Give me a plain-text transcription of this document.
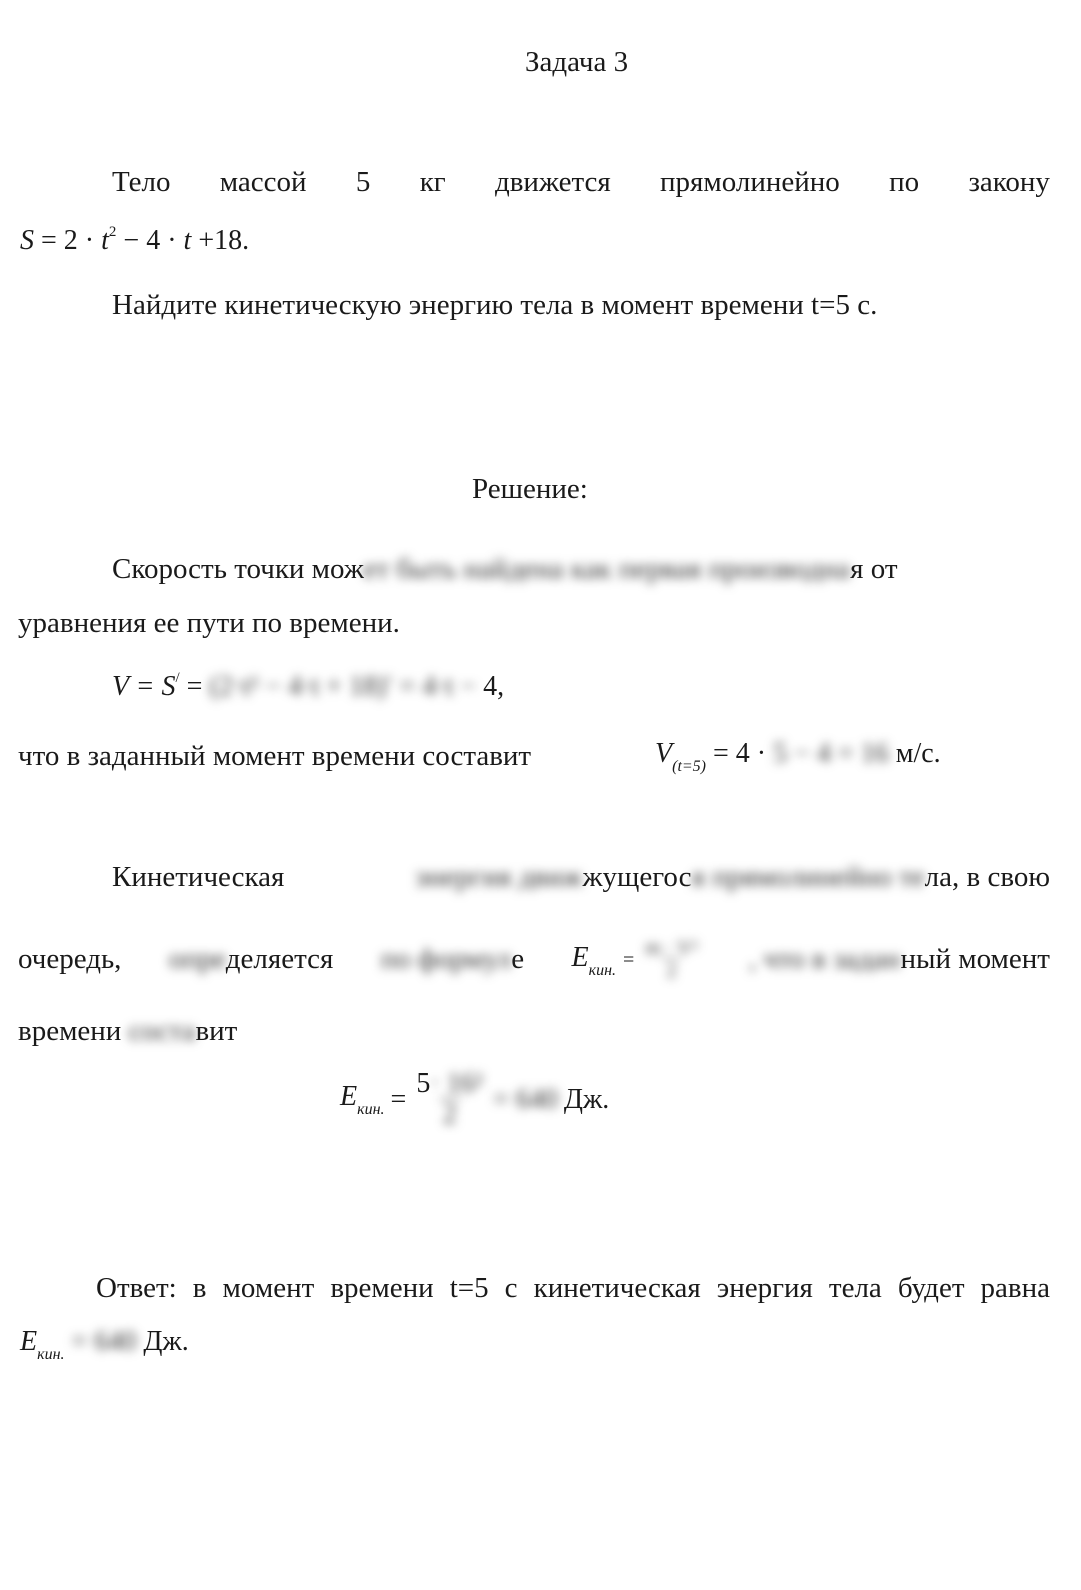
Задача 3
Тело массой 5 кг движется прямолинейно по закону
$S = 2 \cdot t^2 - 4 \cdot t +18$.
Найдите кинетическую энергию тела в момент времени t=5 с.
Решение:
Скорость точки может быть найдена как первая производная от
уравнения ее пути по времени.
V = S/ = (2·t² − 4·t + 18)′ = 4·t − 4,
что в заданный момент времени составит	$V_{(t=5)} = 4 \cdot 5 - 4 = 16$ м/с.
Кинетическая	энергия движжущегося прямолинейно тела, в свою
очередь, определяется по формуле $E_{кин.} = \frac{\text{m · V²}}{2}$ , что в заданный момент
времени составит
$E_{кин.} = \frac{\text{5· 16²}}{2} = 640$ Дж.
Ответ: в момент времени t=5 с кинетическая энергия тела будет равна
$E_{кин.} = 640$ Дж.
